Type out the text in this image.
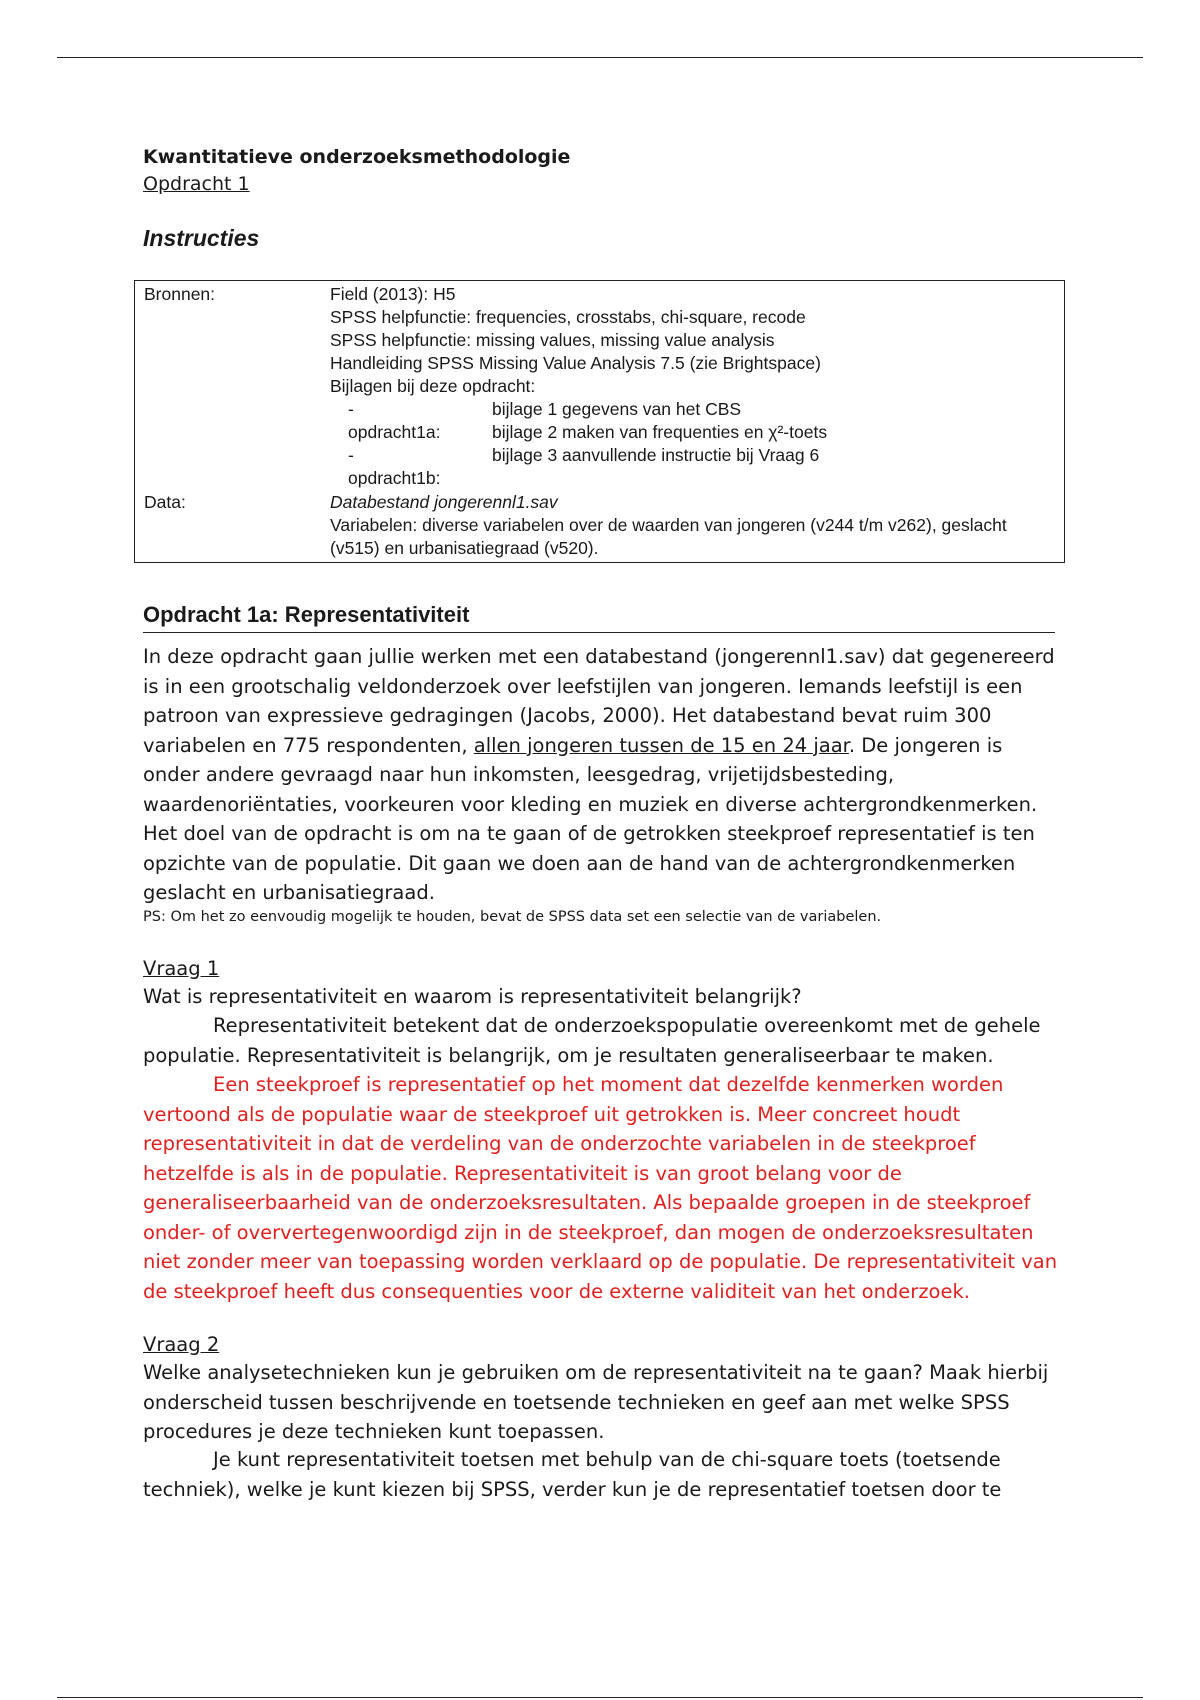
Kwantitatieve onderzoeksmethodologie
Opdracht 1
Instructies
Bronnen:	Field (2013): H5
SPSS helpfunctie: frequencies, crosstabs, chi-square, recode
SPSS helpfunctie: missing values, missing value analysis
Handleiding SPSS Missing Value Analysis 7.5 (zie Brightspace)
Bijlagen bij deze opdracht:
- opdracht1a:
bijlage 1 gegevens van het CBS
bijlage 2 maken van frequenties en χ²-toets
- opdracht1b:
bijlage 3 aanvullende instructie bij Vraag 6
Data:	Databestand jongerennl1.sav
Variabelen: diverse variabelen over de waarden van jongeren (v244 t/m v262), geslacht (v515) en urbanisatiegraad (v520).
Opdracht 1a: Representativiteit
In deze opdracht gaan jullie werken met een databestand (jongerennl1.sav) dat gegenereerd is in een grootschalig veldonderzoek over leefstijlen van jongeren. Iemands leefstijl is een patroon van expressieve gedragingen (Jacobs, 2000). Het databestand bevat ruim 300 variabelen en 775 respondenten, allen jongeren tussen de 15 en 24 jaar. De jongeren is onder andere gevraagd naar hun inkomsten, leesgedrag, vrijetijdsbesteding, waardenoriëntaties, voorkeuren voor kleding en muziek en diverse achtergrondkenmerken. Het doel van de opdracht is om na te gaan of de getrokken steekproef representatief is ten opzichte van de populatie. Dit gaan we doen aan de hand van de achtergrondkenmerken geslacht en urbanisatiegraad.
PS: Om het zo eenvoudig mogelijk te houden, bevat de SPSS data set een selectie van de variabelen.
Vraag 1
Wat is representativiteit en waarom is representativiteit belangrijk?
Representativiteit betekent dat de onderzoekspopulatie overeenkomt met de gehele populatie. Representativiteit is belangrijk, om je resultaten generaliseerbaar te maken.
Een steekproef is representatief op het moment dat dezelfde kenmerken worden vertoond als de populatie waar de steekproef uit getrokken is. Meer concreet houdt representativiteit in dat de verdeling van de onderzochte variabelen in de steekproef hetzelfde is als in de populatie. Representativiteit is van groot belang voor de generaliseerbaarheid van de onderzoeksresultaten. Als bepaalde groepen in de steekproef onder- of oververtegenwoordigd zijn in de steekproef, dan mogen de onderzoeksresultaten niet zonder meer van toepassing worden verklaard op de populatie. De representativiteit van de steekproef heeft dus consequenties voor de externe validiteit van het onderzoek.
Vraag 2
Welke analysetechnieken kun je gebruiken om de representativiteit na te gaan? Maak hierbij onderscheid tussen beschrijvende en toetsende technieken en geef aan met welke SPSS procedures je deze technieken kunt toepassen.
Je kunt representativiteit toetsen met behulp van de chi-square toets (toetsende techniek), welke je kunt kiezen bij SPSS, verder kun je de representatief toetsen door te
